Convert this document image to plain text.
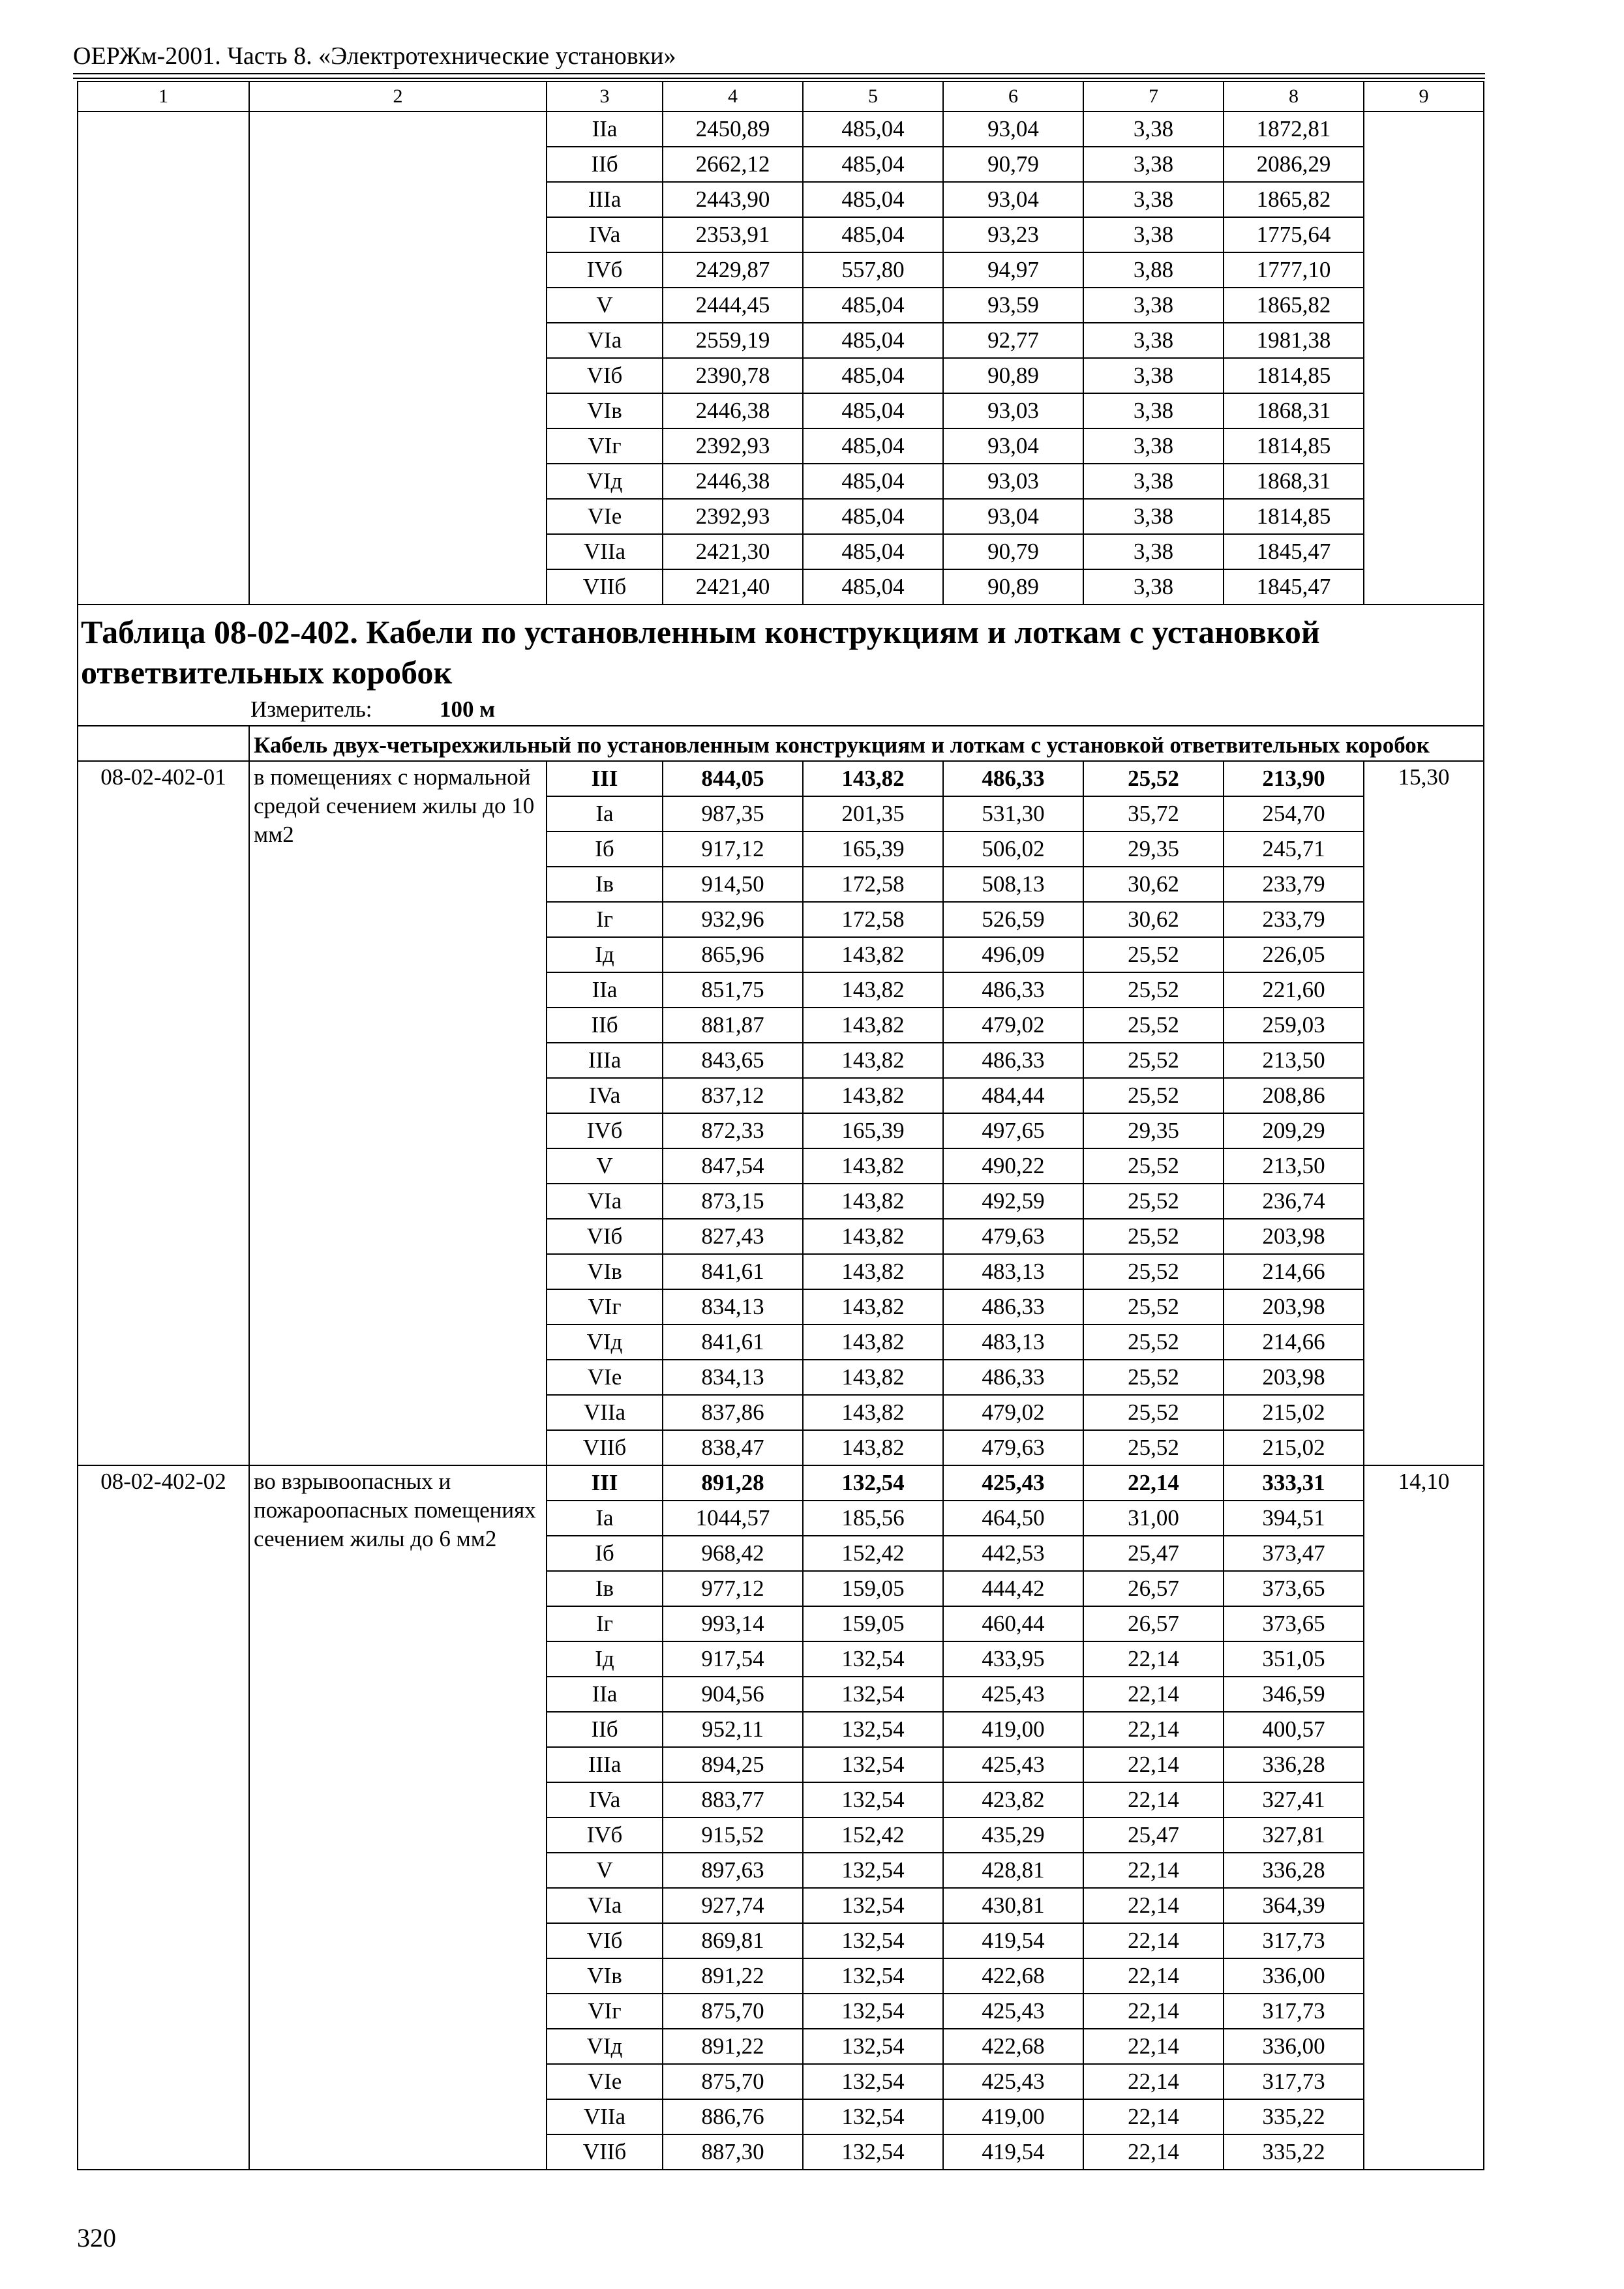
ОЕРЖм-2001. Часть 8. «Электротехнические установки»
1	2	3	4	5	6	7	8	9
		IIa	2450,89	485,04	93,04	3,38	1872,81	
		IIб	2662,12	485,04	90,79	3,38	2086,29	
		IIIa	2443,90	485,04	93,04	3,38	1865,82	
		IVa	2353,91	485,04	93,23	3,38	1775,64	
		IVб	2429,87	557,80	94,97	3,88	1777,10	
		V	2444,45	485,04	93,59	3,38	1865,82	
		VIa	2559,19	485,04	92,77	3,38	1981,38	
		VIб	2390,78	485,04	90,89	3,38	1814,85	
		VIв	2446,38	485,04	93,03	3,38	1868,31	
		VIг	2392,93	485,04	93,04	3,38	1814,85	
		VIд	2446,38	485,04	93,03	3,38	1868,31	
		VIe	2392,93	485,04	93,04	3,38	1814,85	
		VIIa	2421,30	485,04	90,79	3,38	1845,47	
		VIIб	2421,40	485,04	90,89	3,38	1845,47	

Таблица 08-02-402. Кабели по установленным конструкциям и лоткам с установкой ответвительных коробок
Измеритель: 100 м								

	Кабель двух-четырехжильный по установленным конструкциям и лоткам с установкой ответвительных коробок							
08-02-402-01	в помещениях с нормальной средой сечением жилы до 10 мм2	III	844,05	143,82	486,33	25,52	213,90	15,30
		Ia	987,35	201,35	531,30	35,72	254,70	
		Iб	917,12	165,39	506,02	29,35	245,71	
		Iв	914,50	172,58	508,13	30,62	233,79	
		Iг	932,96	172,58	526,59	30,62	233,79	
		Iд	865,96	143,82	496,09	25,52	226,05	
		IIa	851,75	143,82	486,33	25,52	221,60	
		IIб	881,87	143,82	479,02	25,52	259,03	
		IIIa	843,65	143,82	486,33	25,52	213,50	
		IVa	837,12	143,82	484,44	25,52	208,86	
		IVб	872,33	165,39	497,65	29,35	209,29	
		V	847,54	143,82	490,22	25,52	213,50	
		VIa	873,15	143,82	492,59	25,52	236,74	
		VIб	827,43	143,82	479,63	25,52	203,98	
		VIв	841,61	143,82	483,13	25,52	214,66	
		VIг	834,13	143,82	486,33	25,52	203,98	
		VIд	841,61	143,82	483,13	25,52	214,66	
		VIe	834,13	143,82	486,33	25,52	203,98	
		VIIa	837,86	143,82	479,02	25,52	215,02	
		VIIб	838,47	143,82	479,63	25,52	215,02	
08-02-402-02	во взрывоопасных и пожароопасных помещениях сечением жилы до 6 мм2	III	891,28	132,54	425,43	22,14	333,31	14,10
		Ia	1044,57	185,56	464,50	31,00	394,51	
		Iб	968,42	152,42	442,53	25,47	373,47	
		Iв	977,12	159,05	444,42	26,57	373,65	
		Iг	993,14	159,05	460,44	26,57	373,65	
		Iд	917,54	132,54	433,95	22,14	351,05	
		IIa	904,56	132,54	425,43	22,14	346,59	
		IIб	952,11	132,54	419,00	22,14	400,57	
		IIIa	894,25	132,54	425,43	22,14	336,28	
		IVa	883,77	132,54	423,82	22,14	327,41	
		IVб	915,52	152,42	435,29	25,47	327,81	
		V	897,63	132,54	428,81	22,14	336,28	
		VIa	927,74	132,54	430,81	22,14	364,39	
		VIб	869,81	132,54	419,54	22,14	317,73	
		VIв	891,22	132,54	422,68	22,14	336,00	
		VIг	875,70	132,54	425,43	22,14	317,73	
		VIд	891,22	132,54	422,68	22,14	336,00	
		VIe	875,70	132,54	425,43	22,14	317,73	
		VIIa	886,76	132,54	419,00	22,14	335,22	
		VIIб	887,30	132,54	419,54	22,14	335,22	
320
